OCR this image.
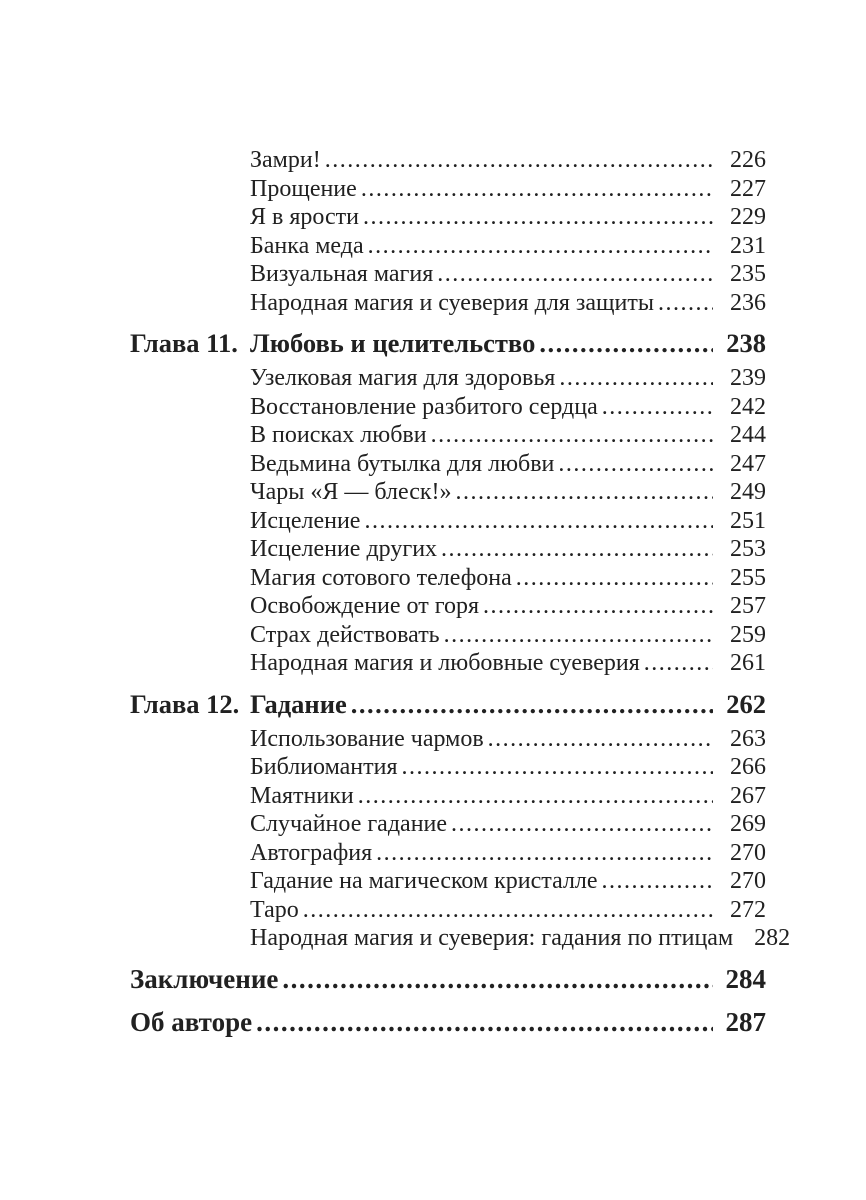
Замри! .....	226
Прощение .....	227
Я в ярости .....	229
Банка меда .....	231
Визуальная магия .....	235
Народная магия и суеверия для защиты .....	236
Глава 11. Любовь и целительство .....	238
Узелковая магия для здоровья .....	239
Восстановление разбитого сердца .....	242
В поисках любви .....	244
Ведьмина бутылка для любви .....	247
Чары «Я — блеск!» .....	249
Исцеление .....	251
Исцеление других .....	253
Магия сотового телефона .....	255
Освобождение от горя .....	257
Страх действовать .....	259
Народная магия и любовные суеверия .....	261
Глава 12. Гадание .....	262
Использование чармов .....	263
Библиомантия .....	266
Маятники .....	267
Случайное гадание .....	269
Автография .....	270
Гадание на магическом кристалле .....	270
Таро .....	272
Народная магия и суеверия: гадания по птицам 282
Заключение .....	284
Об авторе .....	287
